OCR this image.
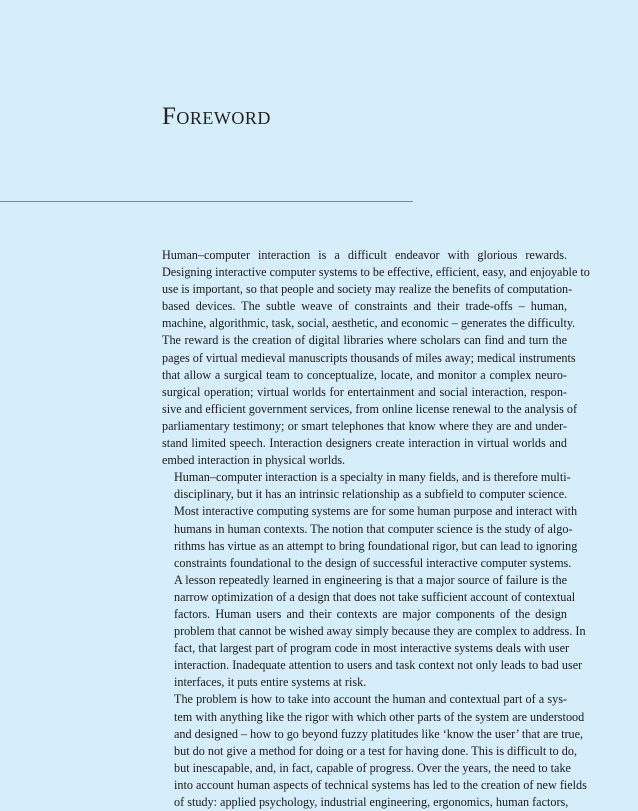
Foreword

Human–computer interaction is a difficult endeavor with glorious rewards.
Designing interactive computer systems to be effective, efficient, easy, and enjoyable to
use is important, so that people and society may realize the benefits of computation-
based devices. The subtle weave of constraints and their trade-offs – human,
machine, algorithmic, task, social, aesthetic, and economic – generates the difficulty.
The reward is the creation of digital libraries where scholars can find and turn the
pages of virtual medieval manuscripts thousands of miles away; medical instruments
that allow a surgical team to conceptualize, locate, and monitor a complex neuro-
surgical operation; virtual worlds for entertainment and social interaction, respon-
sive and efficient government services, from online license renewal to the analysis of
parliamentary testimony; or smart telephones that know where they are and under-
stand limited speech. Interaction designers create interaction in virtual worlds and
embed interaction in physical worlds.

Human–computer interaction is a specialty in many fields, and is therefore multi-
disciplinary, but it has an intrinsic relationship as a subfield to computer science.
Most interactive computing systems are for some human purpose and interact with
humans in human contexts. The notion that computer science is the study of algo-
rithms has virtue as an attempt to bring foundational rigor, but can lead to ignoring
constraints foundational to the design of successful interactive computer systems.
A lesson repeatedly learned in engineering is that a major source of failure is the
narrow optimization of a design that does not take sufficient account of contextual
factors. Human users and their contexts are major components of the design
problem that cannot be wished away simply because they are complex to address. In
fact, that largest part of program code in most interactive systems deals with user
interaction. Inadequate attention to users and task context not only leads to bad user
interfaces, it puts entire systems at risk.

The problem is how to take into account the human and contextual part of a sys-
tem with anything like the rigor with which other parts of the system are understood
and designed – how to go beyond fuzzy platitudes like ‘know the user’ that are true,
but do not give a method for doing or a test for having done. This is difficult to do,
but inescapable, and, in fact, capable of progress. Over the years, the need to take
into account human aspects of technical systems has led to the creation of new fields
of study: applied psychology, industrial engineering, ergonomics, human factors,
